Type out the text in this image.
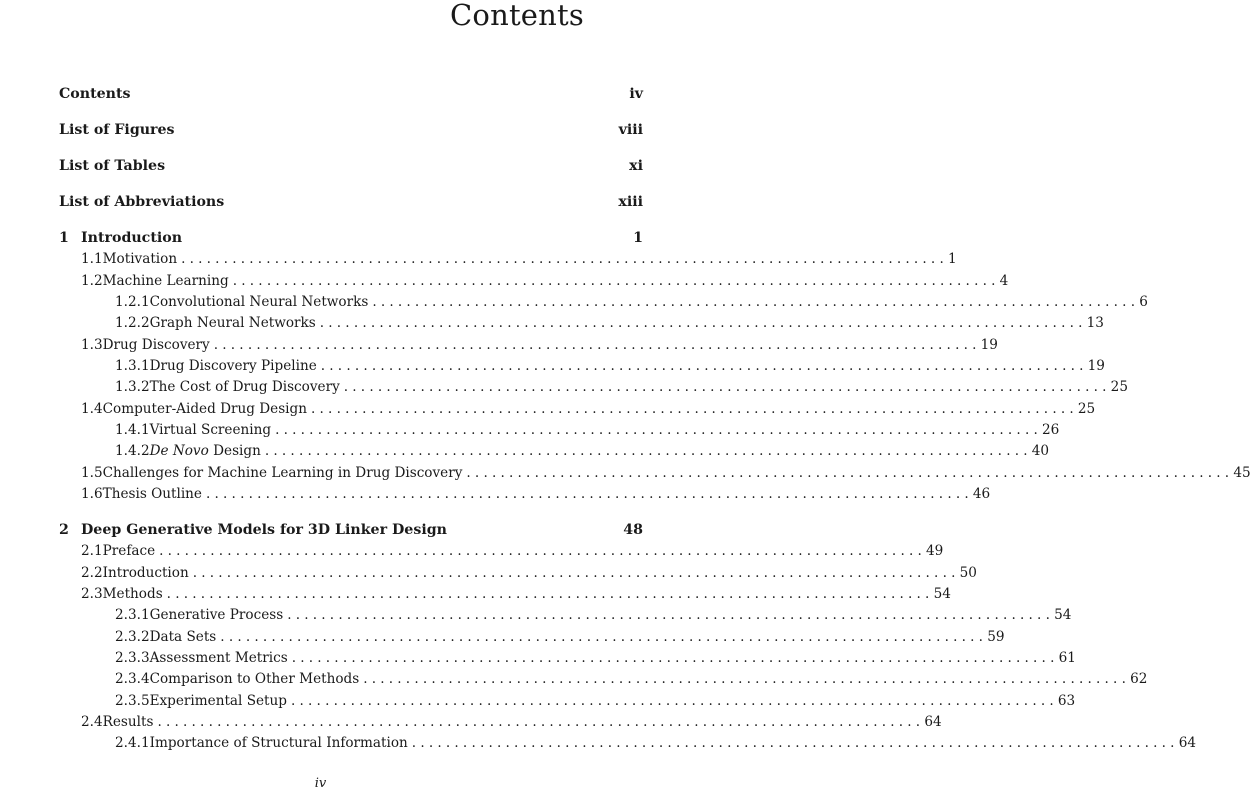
Contents
Contents	iv
List of Figures	viii
List of Tables	xi
List of Abbreviations	xiii
1 Introduction	1
1.1 Motivation .......................................................................................... 1
1.2 Machine Learning .......................................................................................... 4
1.2.1 Convolutional Neural Networks .......................................................................................... 6
1.2.2 Graph Neural Networks .......................................................................................... 13
1.3 Drug Discovery .......................................................................................... 19
1.3.1 Drug Discovery Pipeline .......................................................................................... 19
1.3.2 The Cost of Drug Discovery .......................................................................................... 25
1.4 Computer-Aided Drug Design .......................................................................................... 25
1.4.1 Virtual Screening .......................................................................................... 26
1.4.2 De Novo Design .......................................................................................... 40
1.5 Challenges for Machine Learning in Drug Discovery .......................................................................................... 45
1.6 Thesis Outline .......................................................................................... 46
2 Deep Generative Models for 3D Linker Design	48
2.1 Preface .......................................................................................... 49
2.2 Introduction .......................................................................................... 50
2.3 Methods .......................................................................................... 54
2.3.1 Generative Process .......................................................................................... 54
2.3.2 Data Sets .......................................................................................... 59
2.3.3 Assessment Metrics .......................................................................................... 61
2.3.4 Comparison to Other Methods .......................................................................................... 62
2.3.5 Experimental Setup .......................................................................................... 63
2.4 Results .......................................................................................... 64
2.4.1 Importance of Structural Information .......................................................................................... 64
iv
